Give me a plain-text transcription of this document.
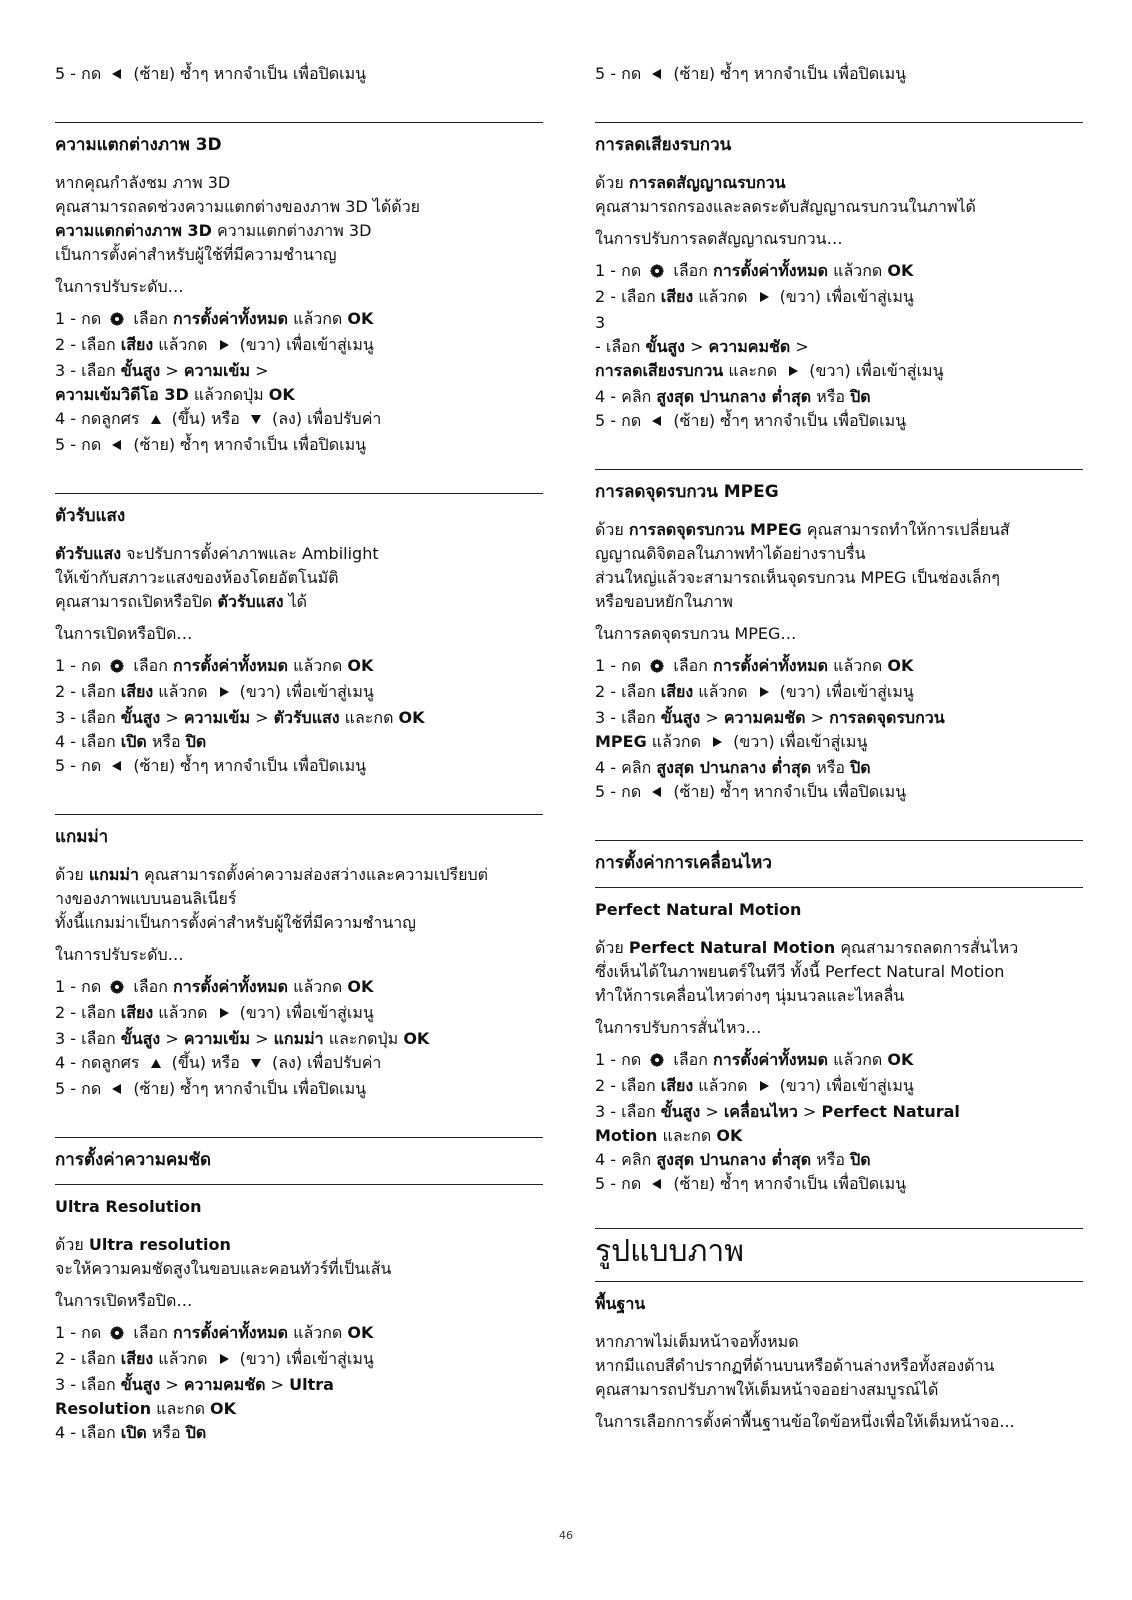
5 - กด  (ซ้าย) ซ้ำๆ หากจำเป็น เพื่อปิดเมนู
ความแตกต่างภาพ 3D
หากคุณกำลังชม ภาพ 3D
คุณสามารถลดช่วงความแตกต่างของภาพ 3D ได้ด้วย
ความแตกต่างภาพ 3D ความแตกต่างภาพ 3D
เป็นการตั้งค่าสำหรับผู้ใช้ที่มีความชำนาญ
ในการปรับระดับ…
1 - กด  เลือก การตั้งค่าทั้งหมด แล้วกด OK
2 - เลือก เสียง แล้วกด  (ขวา) เพื่อเข้าสู่เมนู
3 - เลือก ขั้นสูง > ความเข้ม >
ความเข้มวิดีโอ 3D แล้วกดปุ่ม OK
4 - กดลูกศร  (ขึ้น) หรือ  (ลง) เพื่อปรับค่า
5 - กด  (ซ้าย) ซ้ำๆ หากจำเป็น เพื่อปิดเมนู
ตัวรับแสง
ตัวรับแสง จะปรับการตั้งค่าภาพและ Ambilight
ให้เข้ากับสภาวะแสงของห้องโดยอัตโนมัติ
คุณสามารถเปิดหรือปิด ตัวรับแสง ได้
ในการเปิดหรือปิด…
1 - กด  เลือก การตั้งค่าทั้งหมด แล้วกด OK
2 - เลือก เสียง แล้วกด  (ขวา) เพื่อเข้าสู่เมนู
3 - เลือก ขั้นสูง > ความเข้ม > ตัวรับแสง และกด OK
4 - เลือก เปิด หรือ ปิด
5 - กด  (ซ้าย) ซ้ำๆ หากจำเป็น เพื่อปิดเมนู
แกมม่า
ด้วย แกมม่า คุณสามารถตั้งค่าความส่องสว่างและความเปรียบต่
างของภาพแบบนอนลิเนียร์
ทั้งนี้แกมม่าเป็นการตั้งค่าสำหรับผู้ใช้ที่มีความชำนาญ
ในการปรับระดับ…
1 - กด  เลือก การตั้งค่าทั้งหมด แล้วกด OK
2 - เลือก เสียง แล้วกด  (ขวา) เพื่อเข้าสู่เมนู
3 - เลือก ขั้นสูง > ความเข้ม > แกมม่า และกดปุ่ม OK
4 - กดลูกศร  (ขึ้น) หรือ  (ลง) เพื่อปรับค่า
5 - กด  (ซ้าย) ซ้ำๆ หากจำเป็น เพื่อปิดเมนู
การตั้งค่าความคมชัด
Ultra Resolution
ด้วย Ultra resolution
จะให้ความคมชัดสูงในขอบและคอนทัวร์ที่เป็นเส้น
ในการเปิดหรือปิด…
1 - กด  เลือก การตั้งค่าทั้งหมด แล้วกด OK
2 - เลือก เสียง แล้วกด  (ขวา) เพื่อเข้าสู่เมนู
3 - เลือก ขั้นสูง > ความคมชัด > Ultra
Resolution และกด OK
4 - เลือก เปิด หรือ ปิด
5 - กด  (ซ้าย) ซ้ำๆ หากจำเป็น เพื่อปิดเมนู
การลดเสียงรบกวน
ด้วย การลดสัญญาณรบกวน
คุณสามารถกรองและลดระดับสัญญาณรบกวนในภาพได้
ในการปรับการลดสัญญาณรบกวน…
1 - กด  เลือก การตั้งค่าทั้งหมด แล้วกด OK
2 - เลือก เสียง แล้วกด  (ขวา) เพื่อเข้าสู่เมนู
3
- เลือก ขั้นสูง > ความคมชัด >
การลดเสียงรบกวน และกด  (ขวา) เพื่อเข้าสู่เมนู
4 - คลิก สูงสุด ปานกลาง ต่ำสุด หรือ ปิด
5 - กด  (ซ้าย) ซ้ำๆ หากจำเป็น เพื่อปิดเมนู
การลดจุดรบกวน MPEG
ด้วย การลดจุดรบกวน MPEG คุณสามารถทำให้การเปลี่ยนสั
ญญาณดิจิตอลในภาพทำได้อย่างราบรื่น
ส่วนใหญ่แล้วจะสามารถเห็นจุดรบกวน MPEG เป็นช่องเล็กๆ
หรือขอบหยักในภาพ
ในการลดจุดรบกวน MPEG…
1 - กด  เลือก การตั้งค่าทั้งหมด แล้วกด OK
2 - เลือก เสียง แล้วกด  (ขวา) เพื่อเข้าสู่เมนู
3 - เลือก ขั้นสูง > ความคมชัด > การลดจุดรบกวน
MPEG แล้วกด  (ขวา) เพื่อเข้าสู่เมนู
4 - คลิก สูงสุด ปานกลาง ต่ำสุด หรือ ปิด
5 - กด  (ซ้าย) ซ้ำๆ หากจำเป็น เพื่อปิดเมนู
การตั้งค่าการเคลื่อนไหว
Perfect Natural Motion
ด้วย Perfect Natural Motion คุณสามารถลดการสั่นไหว
ซึ่งเห็นได้ในภาพยนตร์ในทีวี ทั้งนี้ Perfect Natural Motion
ทำให้การเคลื่อนไหวต่างๆ นุ่มนวลและไหลลื่น
ในการปรับการสั่นไหว…
1 - กด  เลือก การตั้งค่าทั้งหมด แล้วกด OK
2 - เลือก เสียง แล้วกด  (ขวา) เพื่อเข้าสู่เมนู
3 - เลือก ขั้นสูง > เคลื่อนไหว > Perfect Natural
Motion และกด OK
4 - คลิก สูงสุด ปานกลาง ต่ำสุด หรือ ปิด
5 - กด  (ซ้าย) ซ้ำๆ หากจำเป็น เพื่อปิดเมนู
รูปแบบภาพ
พื้นฐาน
หากภาพไม่เต็มหน้าจอทั้งหมด
หากมีแถบสีดำปรากฏที่ด้านบนหรือด้านล่างหรือทั้งสองด้าน
คุณสามารถปรับภาพให้เต็มหน้าจออย่างสมบูรณ์ได้
ในการเลือกการตั้งค่าพื้นฐานข้อใดข้อหนึ่งเพื่อให้เต็มหน้าจอ...
46
